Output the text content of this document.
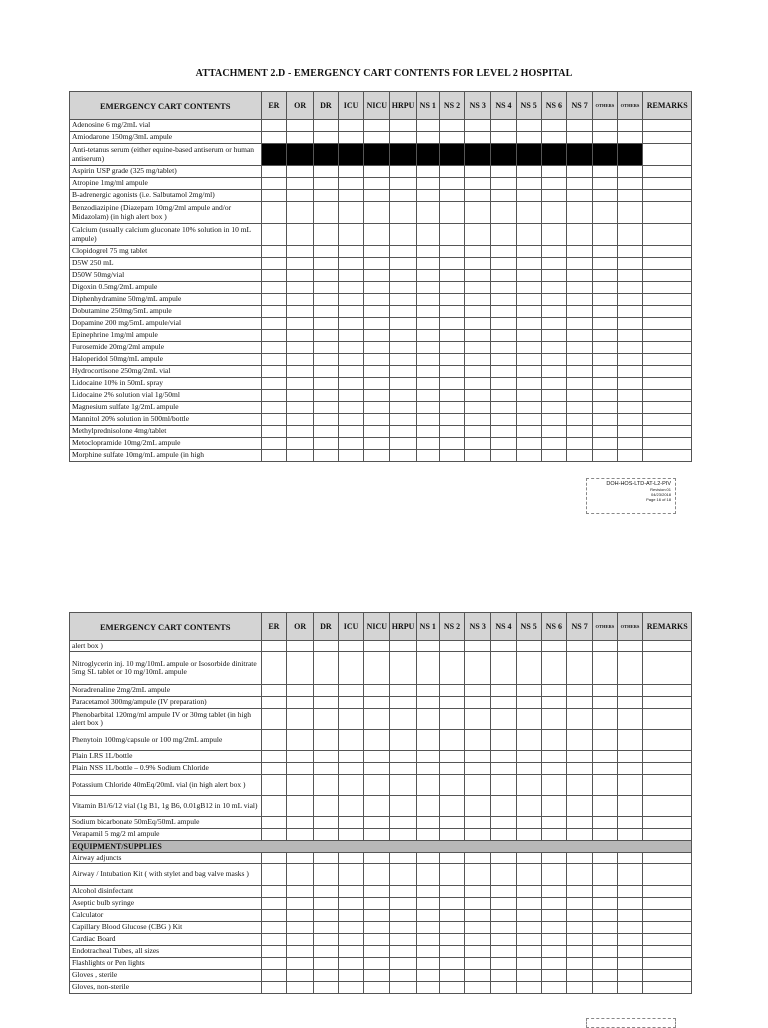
ATTACHMENT 2.D - EMERGENCY CART CONTENTS FOR LEVEL 2 HOSPITAL
EMERGENCY CART CONTENTS	ER	OR	DR	ICU	NICU	HRPU	NS 1	NS 2	NS 3	NS 4	NS 5	NS 6	NS 7	OTHERS	OTHERS	REMARKS
Adenosine 6 mg/2mL vial																
Amiodarone 150mg/3mL ampule																
Anti-tetanus serum (either equine-based antiserum or human antiserum)																
Aspirin USP grade (325 mg/tablet)																
Atropine 1mg/ml ampule																
B-adrenergic agonists (i.e. Salbutamol 2mg/ml)																
Benzodiazipine (Diazepam 10mg/2ml ampule and/or Midazolam) (in high alert box )																
Calcium (usually calcium gluconate 10% solution in 10 mL ampule)																
Clopidogrel 75 mg tablet																
D5W 250 mL																
D50W 50mg/vial																
Digoxin 0.5mg/2mL ampule																
Diphenhydramine 50mg/mL ampule																
Dobutamine 250mg/5mL ampule																
Dopamine 200 mg/5mL ampule/vial																
Epinephrine 1mg/ml ampule																
Furosemide 20mg/2ml ampule																
Haloperidol 50mg/mL ampule																
Hydrocortisone 250mg/2mL vial																
Lidocaine 10% in 50mL spray																
Lidocaine 2% solution vial 1g/50ml																
Magnesium sulfate 1g/2mL ampule																
Mannitol 20% solution in 500ml/bottle																
Methylprednisolone 4mg/tablet																
Metoclopramide 10mg/2mL ampule																
Morphine sulfate 10mg/mL ampule (in high																
DOH-HOS-LTD-AT-L2-PIV
Revision:01
04/23/2018
Page 16 of 18
EMERGENCY CART CONTENTS	ER	OR	DR	ICU	NICU	HRPU	NS 1	NS 2	NS 3	NS 4	NS 5	NS 6	NS 7	OTHERS	OTHERS	REMARKS
alert box )																
Nitroglycerin inj. 10 mg/10mL ampule or Isosorbide dinitrate 5mg SL tablet or 10 mg/10mL ampule																
Noradrenaline 2mg/2mL ampule																
Paracetamol 300mg/ampule (IV preparation)																
Phenobarbital 120mg/ml ampule IV or 30mg tablet (in high alert box )																
Phenytoin 100mg/capsule or 100 mg/2mL ampule																
Plain LRS 1L/bottle																
Plain NSS 1L/bottle – 0.9% Sodium Chloride																
Potassium Chloride 40mEq/20mL vial (in high alert box )																
Vitamin B1/6/12 vial (1g B1, 1g B6, 0.01gB12 in 10 mL vial)																
Sodium bicarbonate 50mEq/50mL ampule																
Verapamil 5 mg/2 ml ampule																
EQUIPMENT/SUPPLIES																
Airway adjuncts																
Airway / Intubation Kit ( with stylet and bag valve masks )																
Alcohol disinfectant																
Aseptic bulb syringe																
Calculator																
Capillary Blood Glucose (CBG ) Kit																
Cardiac Board																
Endotracheal Tubes, all sizes																
Flashlights or Pen lights																
Gloves , sterile																
Gloves, non-sterile																
